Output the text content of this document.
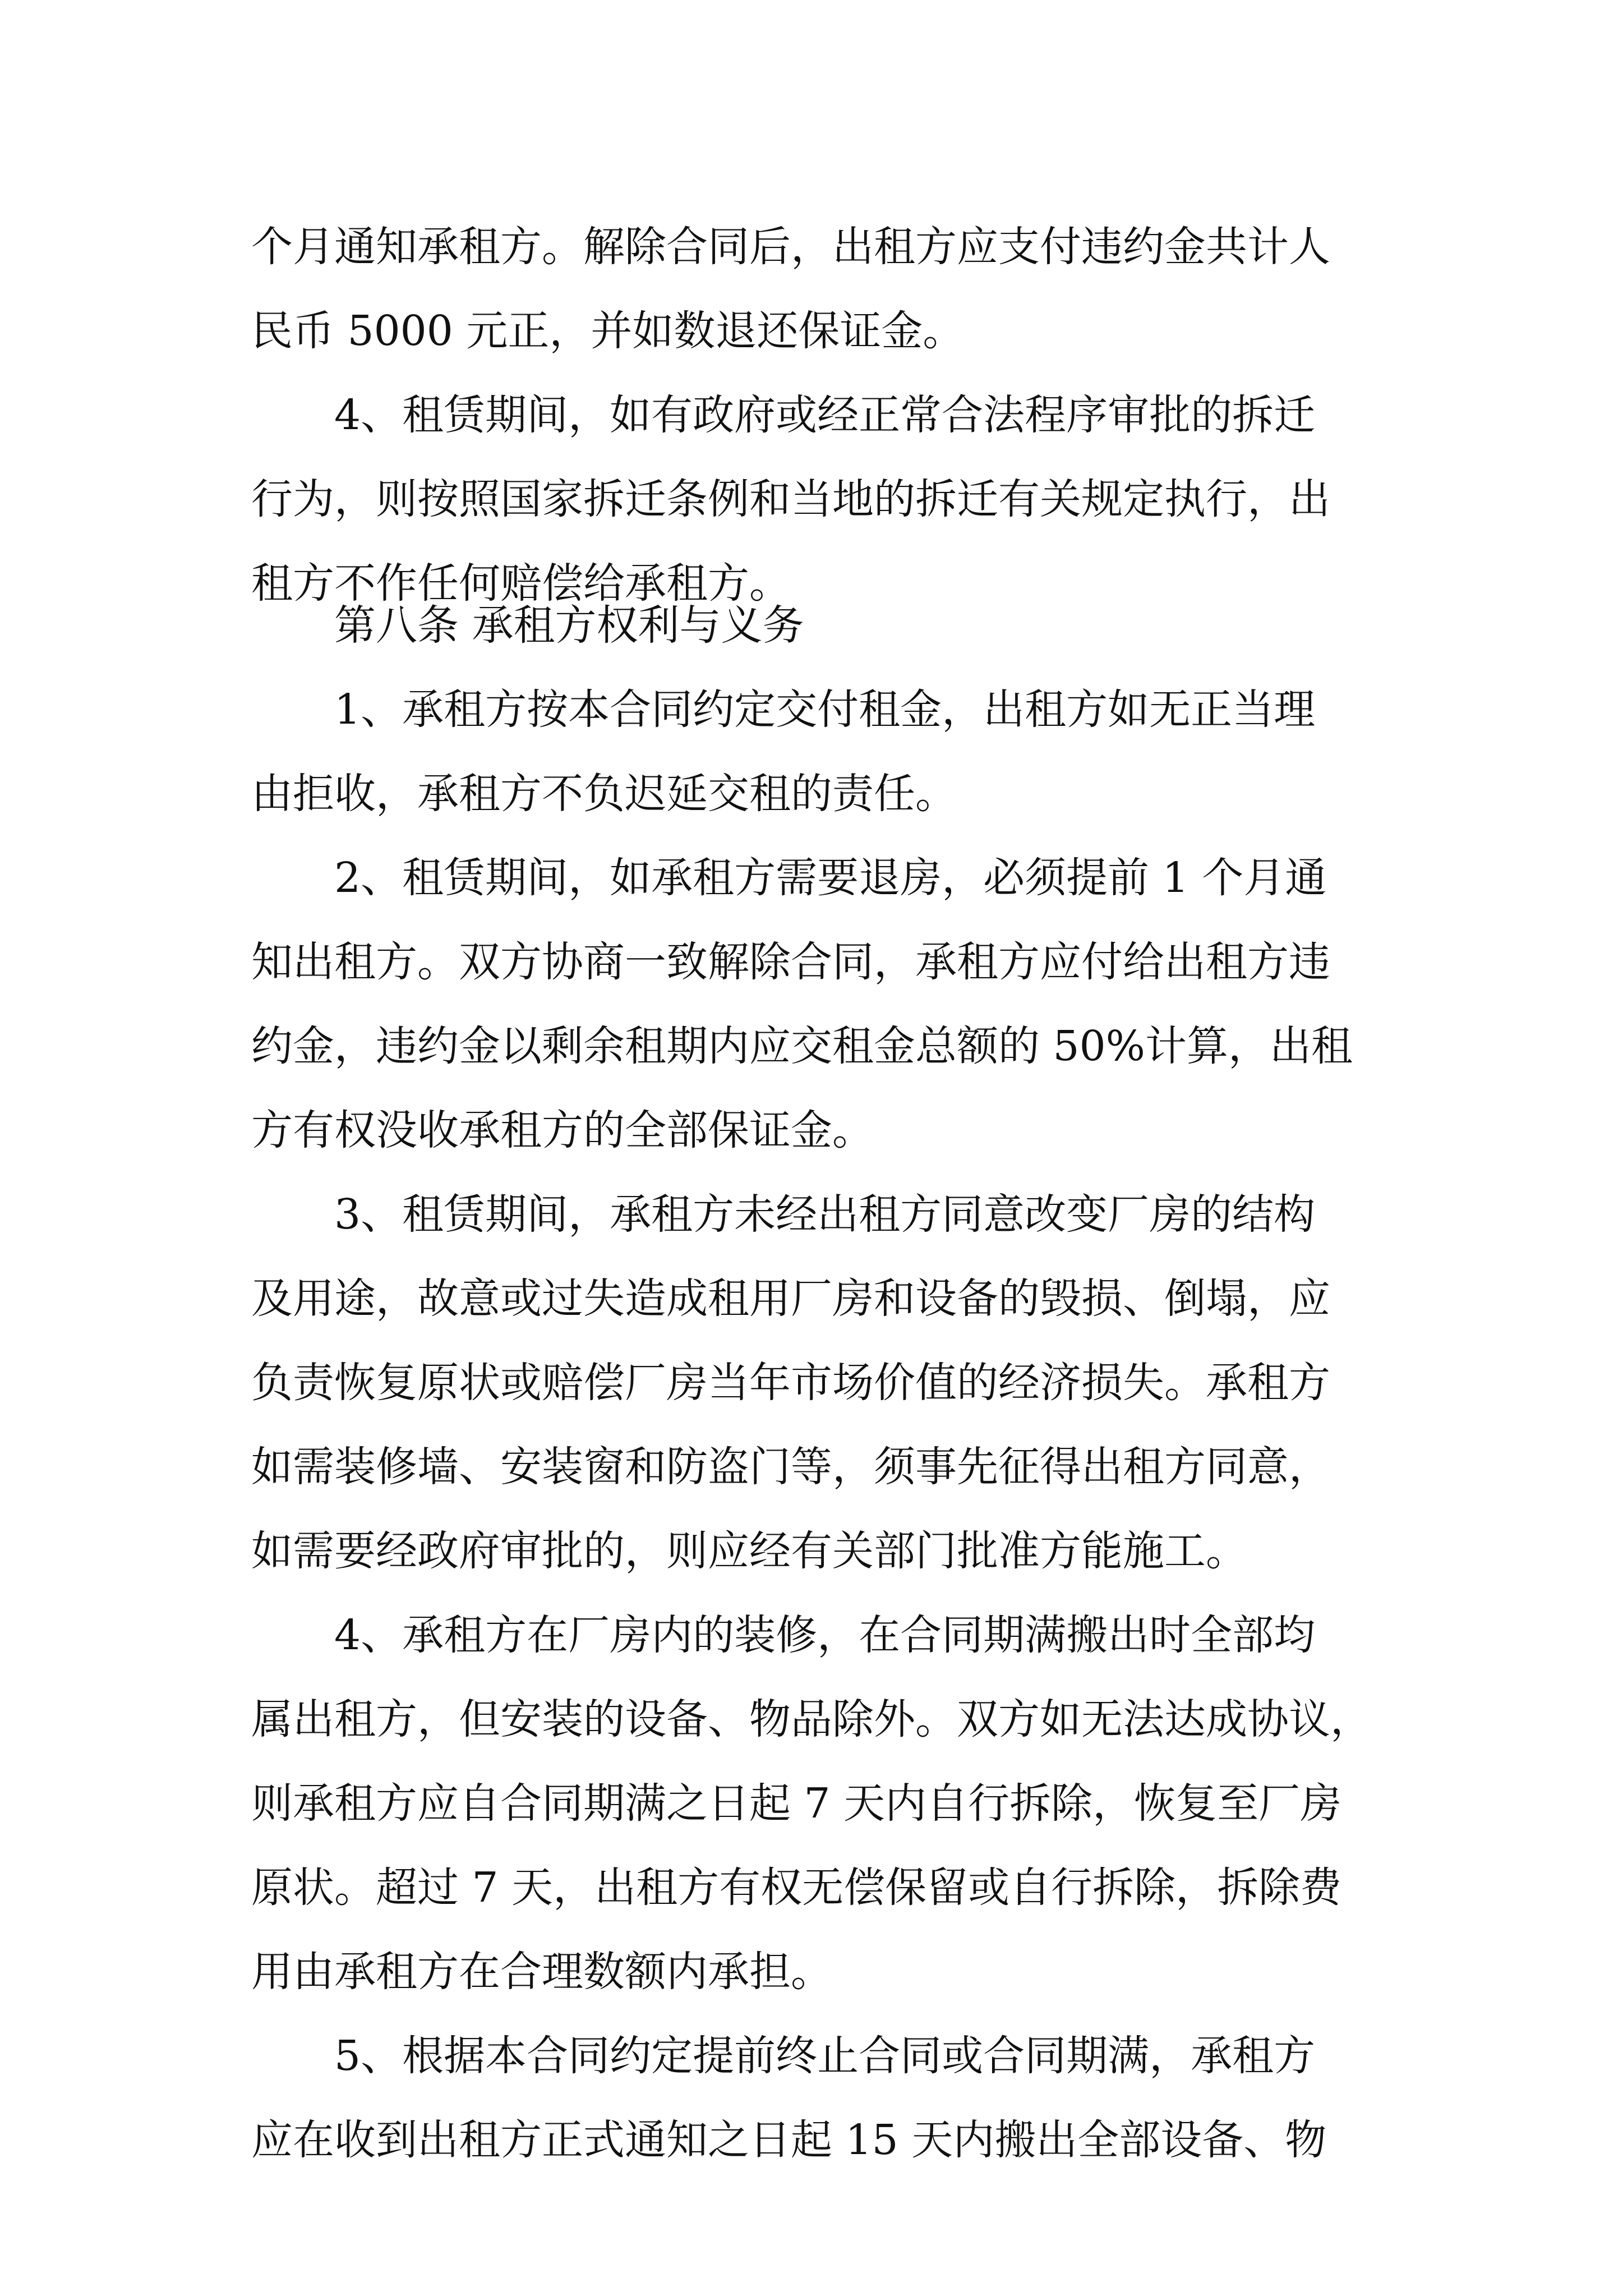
个月通知承租方。解除合同后，出租方应支付违约金共计人
民币 5000 元正，并如数退还保证金。
4、租赁期间，如有政府或经正常合法程序审批的拆迁
行为，则按照国家拆迁条例和当地的拆迁有关规定执行，出
租方不作任何赔偿给承租方。
第八条 承租方权利与义务
1、承租方按本合同约定交付租金，出租方如无正当理
由拒收，承租方不负迟延交租的责任。
2、租赁期间，如承租方需要退房，必须提前 1 个月通
知出租方。双方协商一致解除合同，承租方应付给出租方违
约金，违约金以剩余租期内应交租金总额的 50%计算，出租
方有权没收承租方的全部保证金。
3、租赁期间，承租方未经出租方同意改变厂房的结构
及用途，故意或过失造成租用厂房和设备的毁损、倒塌，应
负责恢复原状或赔偿厂房当年市场价值的经济损失。承租方
如需装修墙、安装窗和防盗门等，须事先征得出租方同意，
如需要经政府审批的，则应经有关部门批准方能施工。
4、承租方在厂房内的装修，在合同期满搬出时全部均
属出租方，但安装的设备、物品除外。双方如无法达成协议，
则承租方应自合同期满之日起 7 天内自行拆除，恢复至厂房
原状。超过 7 天，出租方有权无偿保留或自行拆除，拆除费
用由承租方在合理数额内承担。
5、根据本合同约定提前终止合同或合同期满，承租方
应在收到出租方正式通知之日起 15 天内搬出全部设备、物
